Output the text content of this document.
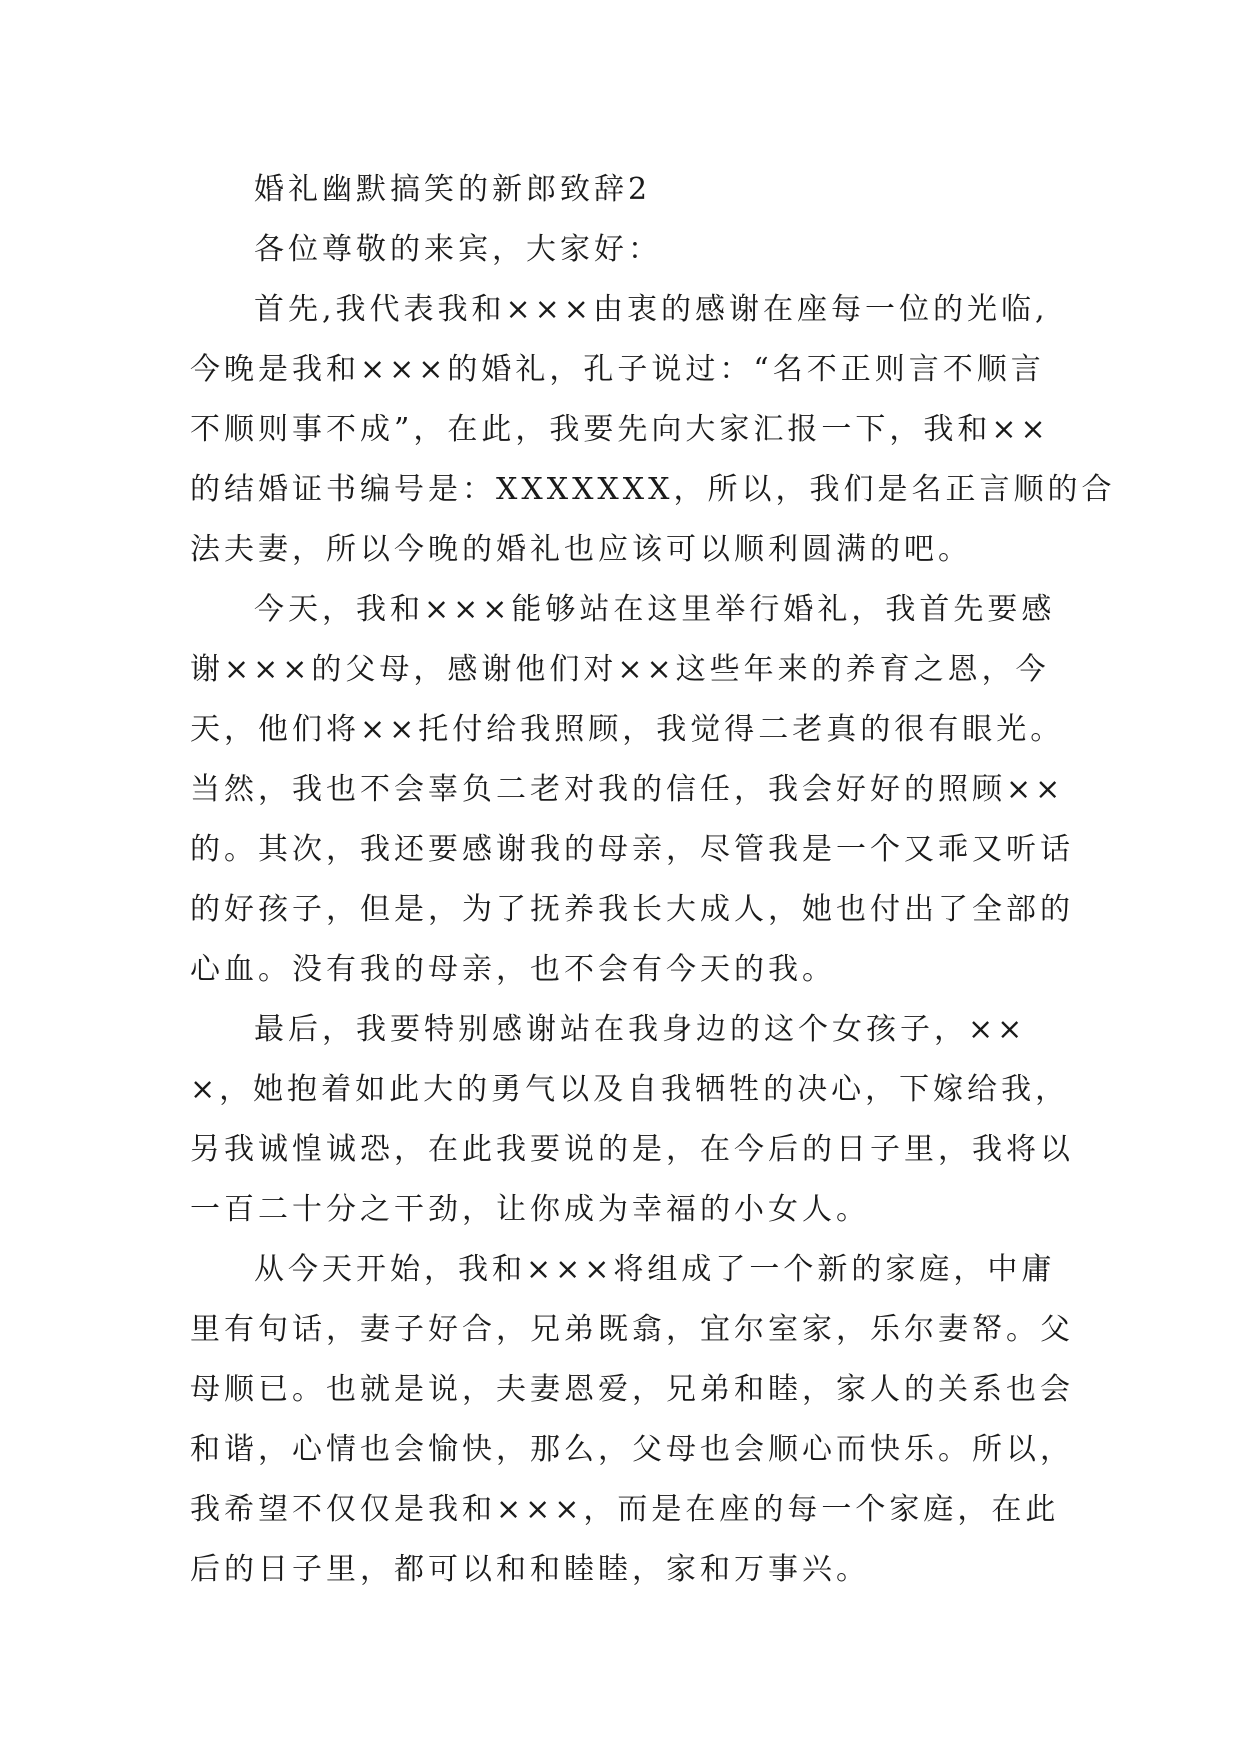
婚礼幽默搞笑的新郎致辞2
各位尊敬的来宾，大家好：
首先,我代表我和×××由衷的感谢在座每一位的光临,
今晚是我和×××的婚礼，孔子说过：“名不正则言不顺言
不顺则事不成”，在此，我要先向大家汇报一下，我和××
的结婚证书编号是：XXXXXXX，所以，我们是名正言顺的合
法夫妻，所以今晚的婚礼也应该可以顺利圆满的吧。
今天，我和×××能够站在这里举行婚礼，我首先要感
谢×××的父母，感谢他们对××这些年来的养育之恩，今
天，他们将××托付给我照顾，我觉得二老真的很有眼光。
当然，我也不会辜负二老对我的信任，我会好好的照顾××
的。其次，我还要感谢我的母亲，尽管我是一个又乖又听话
的好孩子，但是，为了抚养我长大成人，她也付出了全部的
心血。没有我的母亲，也不会有今天的我。
最后，我要特别感谢站在我身边的这个女孩子，××
×，她抱着如此大的勇气以及自我牺牲的决心，下嫁给我，
另我诚惶诚恐，在此我要说的是，在今后的日子里，我将以
一百二十分之干劲，让你成为幸福的小女人。
从今天开始，我和×××将组成了一个新的家庭，中庸
里有句话，妻子好合，兄弟既翕，宜尔室家，乐尔妻帑。父
母顺已。也就是说，夫妻恩爱，兄弟和睦，家人的关系也会
和谐，心情也会愉快，那么，父母也会顺心而快乐。所以，
我希望不仅仅是我和×××，而是在座的每一个家庭，在此
后的日子里，都可以和和睦睦，家和万事兴。
